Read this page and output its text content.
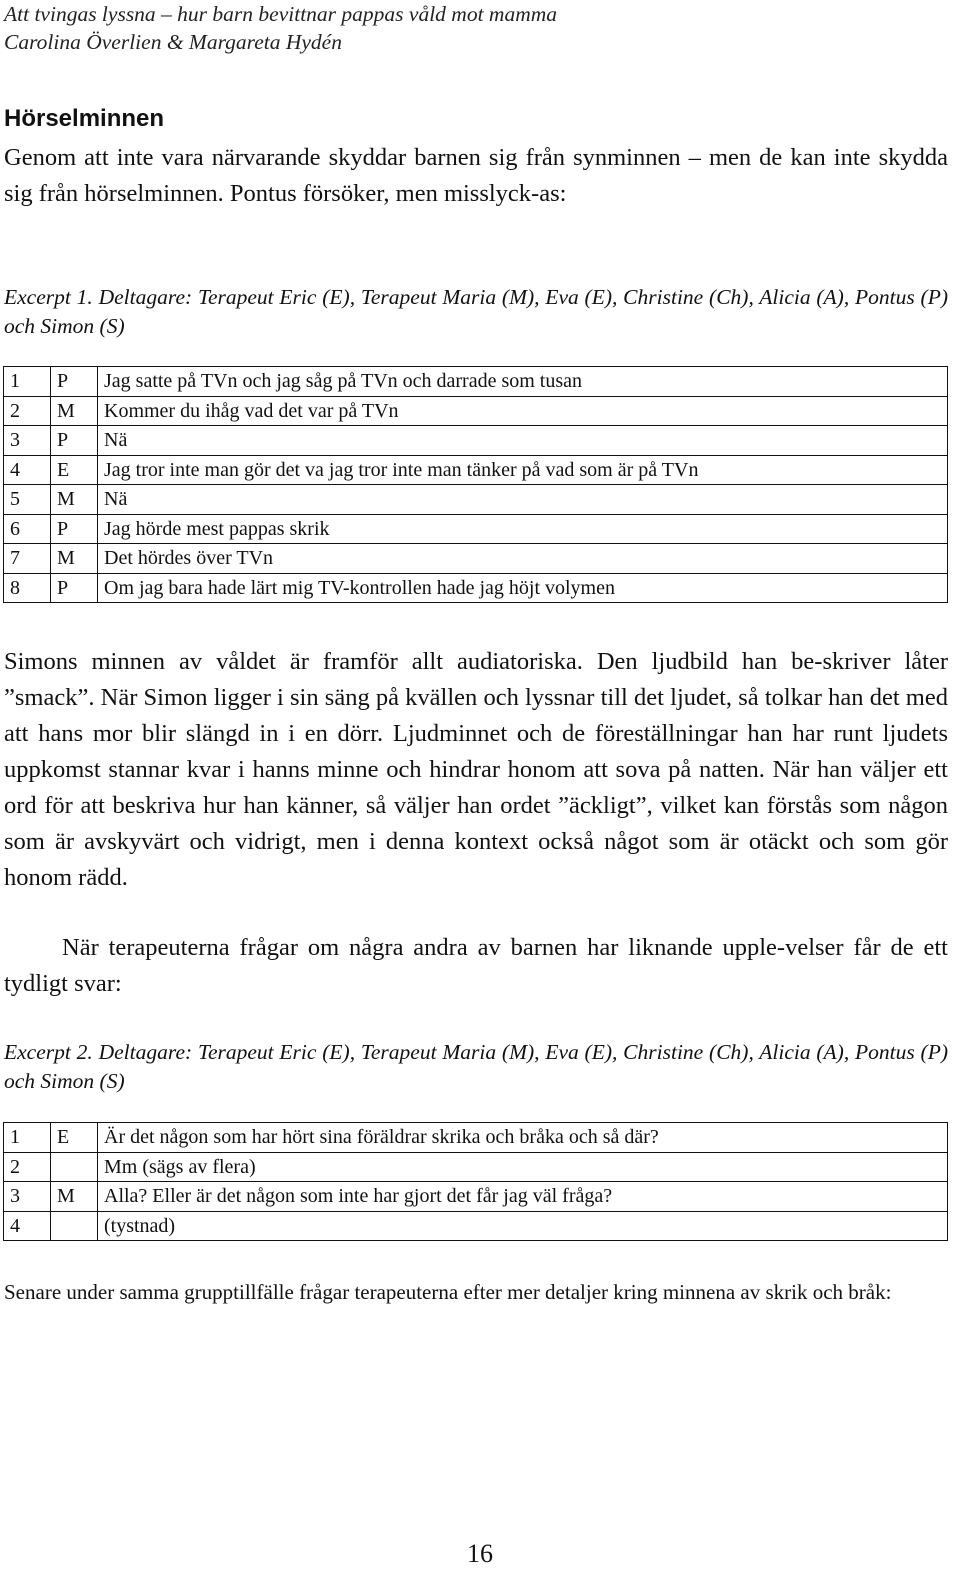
Att tvingas lyssna – hur barn bevittnar pappas våld mot mamma
Carolina Överlien & Margareta Hydén
Hörselminnen

Genom att inte vara närvarande skyddar barnen sig från synminnen – men de kan inte skydda sig från hörselminnen. Pontus försöker, men misslyck-as:

Excerpt 1. Deltagare: Terapeut Eric (E), Terapeut Maria (M), Eva (E), Christine (Ch), Alicia (A), Pontus (P) och Simon (S)

1	P	Jag satte på TVn och jag såg på TVn och darrade som tusan
2	M	Kommer du ihåg vad det var på TVn
3	P	Nä
4	E	Jag tror inte man gör det va jag tror inte man tänker på vad som är på TVn
5	M	Nä
6	P	Jag hörde mest pappas skrik
7	M	Det hördes över TVn
8	P	Om jag bara hade lärt mig TV-kontrollen hade jag höjt volymen

Simons minnen av våldet är framför allt audiatoriska. Den ljudbild han be-skriver låter ”smack”. När Simon ligger i sin säng på kvällen och lyssnar till det ljudet, så tolkar han det med att hans mor blir slängd in i en dörr. Ljudminnet och de föreställningar han har runt ljudets uppkomst stannar kvar i hanns minne och hindrar honom att sova på natten. När han väljer ett ord för att beskriva hur han känner, så väljer han ordet ”äckligt”, vilket kan förstås som någon som är avskyvärt och vidrigt, men i denna kontext också något som är otäckt och som gör honom rädd.

När terapeuterna frågar om några andra av barnen har liknande upple-velser får de ett tydligt svar:

Excerpt 2. Deltagare: Terapeut Eric (E), Terapeut Maria (M), Eva (E), Christine (Ch), Alicia (A), Pontus (P) och Simon (S)

1	E	Är det någon som har hört sina föräldrar skrika och bråka och så där?
2		Mm (sägs av flera)
3	M	Alla? Eller är det någon som inte har gjort det får jag väl fråga?
4		(tystnad)

Senare under samma grupptillfälle frågar terapeuterna efter mer detaljer kring minnena av skrik och bråk:

16
